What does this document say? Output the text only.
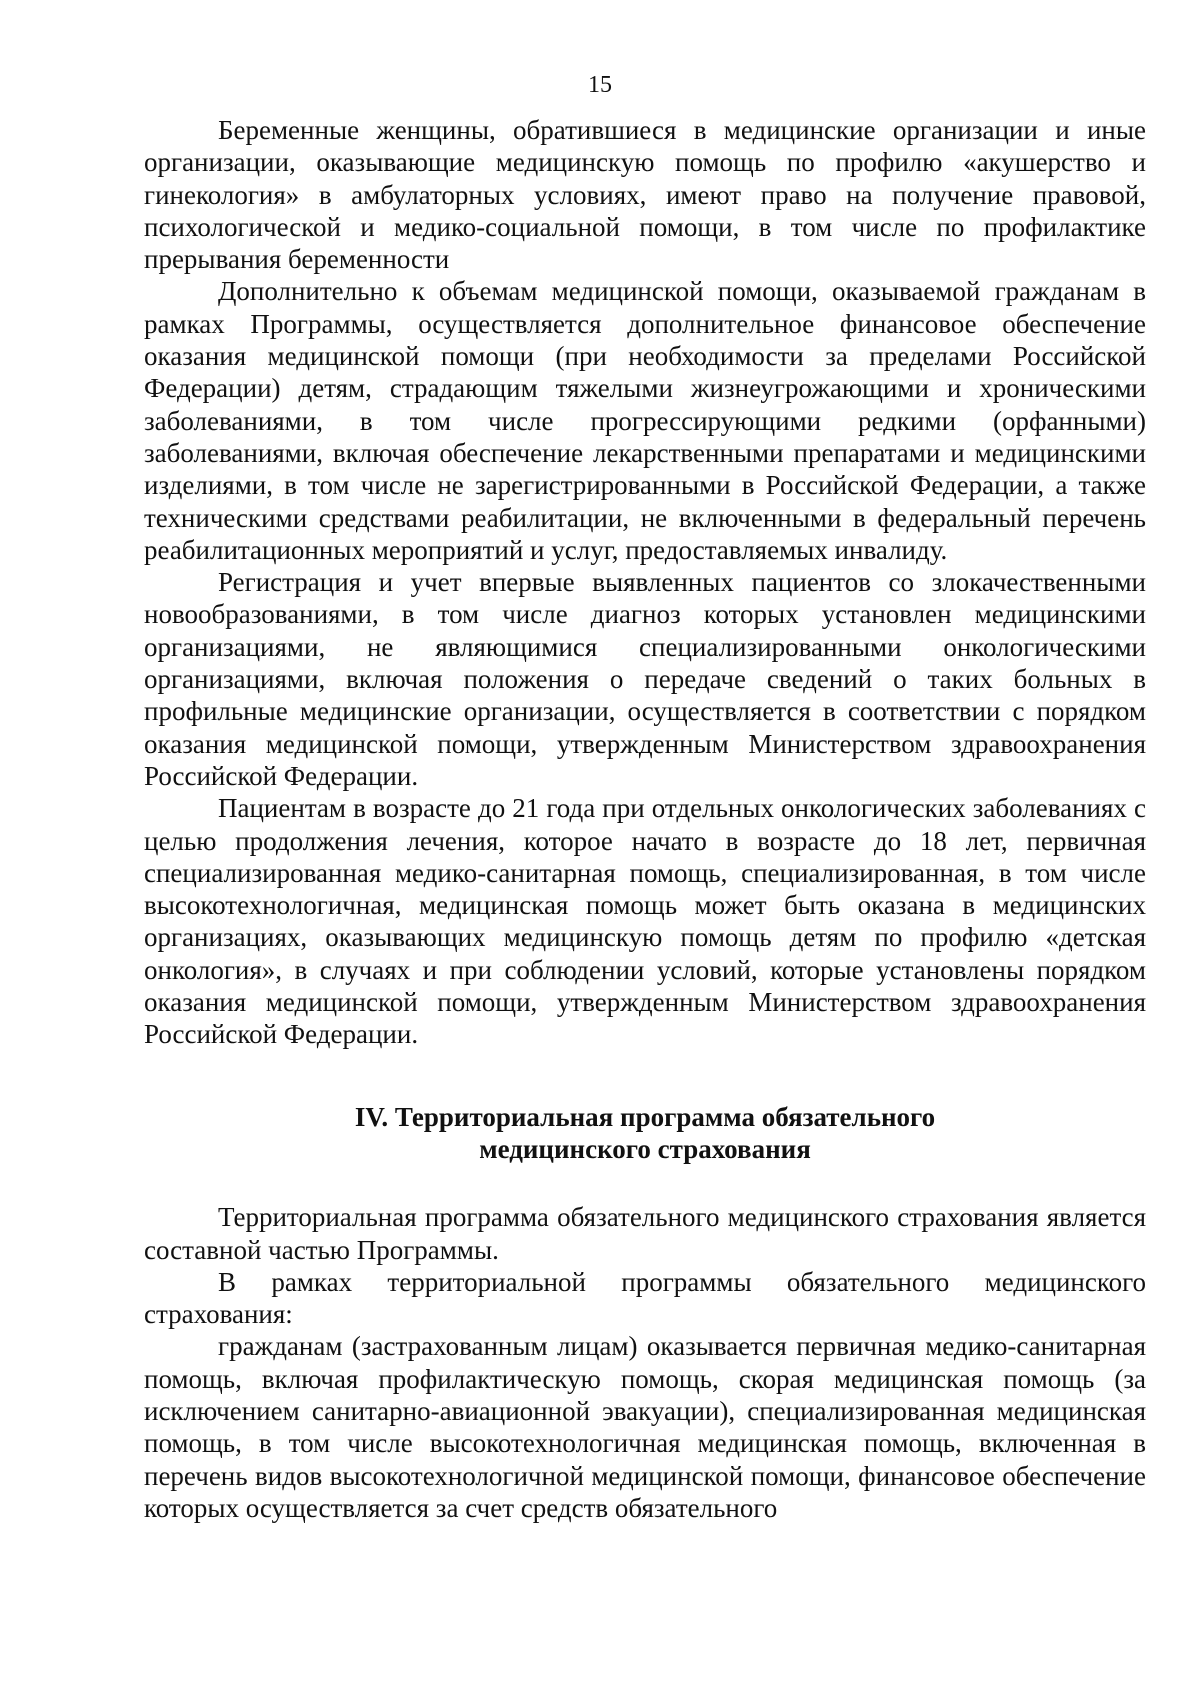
15

Беременные женщины, обратившиеся в медицинские организации и иные организации, оказывающие медицинскую помощь по профилю «акушерство и гинекология» в амбулаторных условиях, имеют право на получение правовой, психологической и медико-социальной помощи, в том числе по профилактике прерывания беременности

Дополнительно к объемам медицинской помощи, оказываемой гражданам в рамках Программы, осуществляется дополнительное финансовое обеспечение оказания медицинской помощи (при необходимости за пределами Российской Федерации) детям, страдающим тяжелыми жизнеугрожающими и хроническими заболеваниями, в том числе прогрессирующими редкими (орфанными) заболеваниями, включая обеспечение лекарственными препаратами и медицинскими изделиями, в том числе не зарегистрированными в Российской Федерации, а также техническими средствами реабилитации, не включенными в федеральный перечень реабилитационных мероприятий и услуг, предоставляемых инвалиду.

Регистрация и учет впервые выявленных пациентов со злокачественными новообразованиями, в том числе диагноз которых установлен медицинскими организациями, не являющимися специализированными онкологическими организациями, включая положения о передаче сведений о таких больных в профильные медицинские организации, осуществляется в соответствии с порядком оказания медицинской помощи, утвержденным Министерством здравоохранения Российской Федерации.

Пациентам в возрасте до 21 года при отдельных онкологических заболеваниях с целью продолжения лечения, которое начато в возрасте до 18 лет, первичная специализированная медико-санитарная помощь, специализированная, в том числе высокотехнологичная, медицинская помощь может быть оказана в медицинских организациях, оказывающих медицинскую помощь детям по профилю «детская онкология», в случаях и при соблюдении условий, которые установлены порядком оказания медицинской помощи, утвержденным Министерством здравоохранения Российской Федерации.

IV. Территориальная программа обязательного
медицинского страхования

Территориальная программа обязательного медицинского страхования является составной частью Программы.

В рамках территориальной программы обязательного медицинского страхования:

гражданам (застрахованным лицам) оказывается первичная медико-санитарная помощь, включая профилактическую помощь, скорая медицинская помощь (за исключением санитарно-авиационной эвакуации), специализированная медицинская помощь, в том числе высокотехнологичная медицинская помощь, включенная в перечень видов высокотехнологичной медицинской помощи, финансовое обеспечение которых осуществляется за счет средств обязательного
